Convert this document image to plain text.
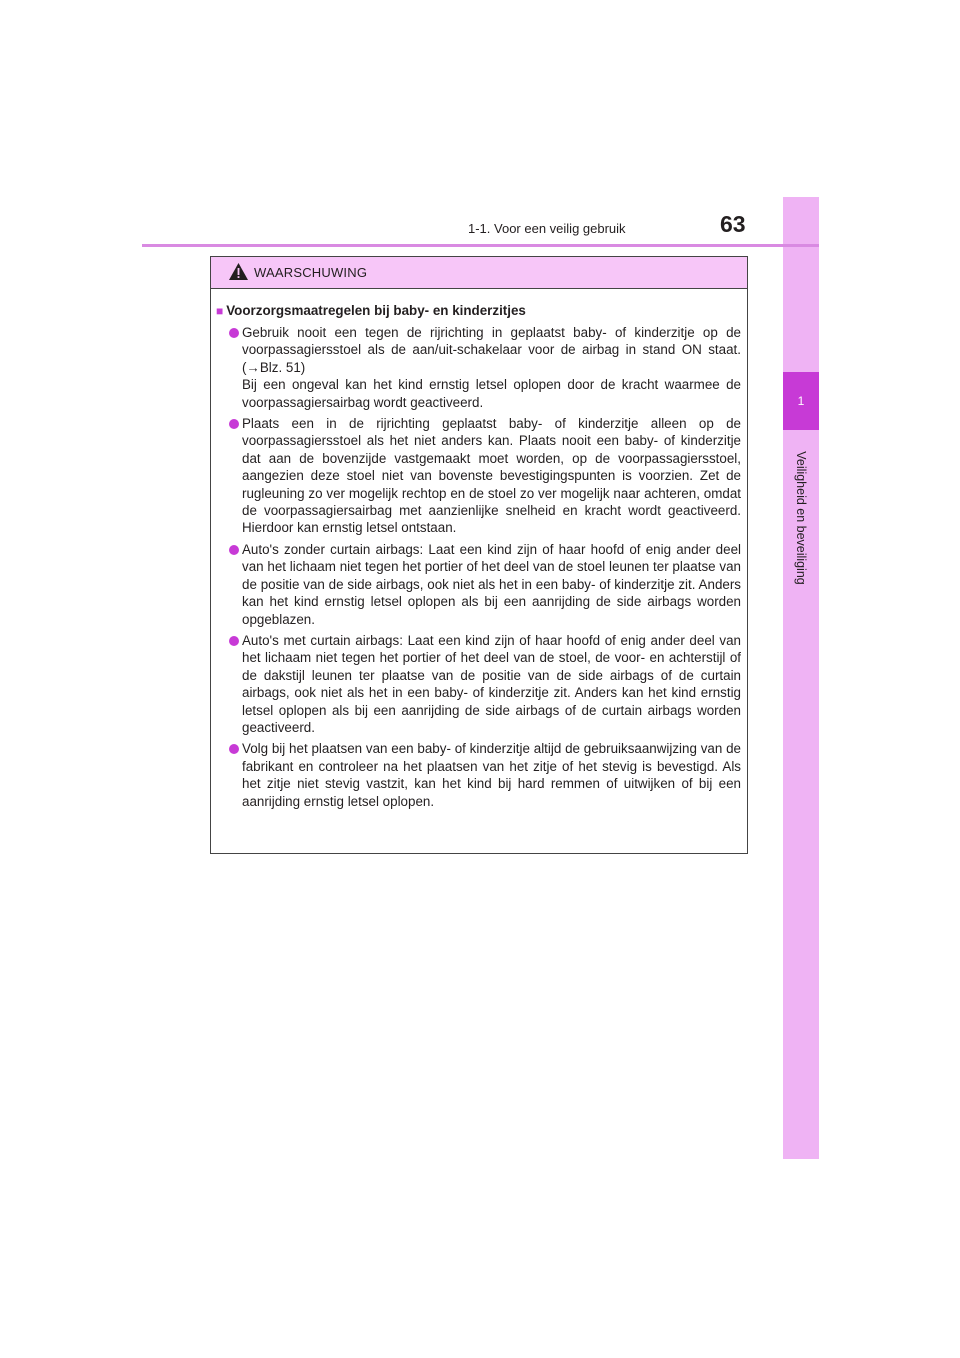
1
Veiligheid en beveiliging
1-1. Voor een veilig gebruik	63
WAARSCHUWING
■ Voorzorgsmaatregelen bij baby- en kinderzitjes

Gebruik nooit een tegen de rijrichting in geplaatst baby- of kinderzitje op de voorpassagiersstoel als de aan/uit-schakelaar voor de airbag in stand ON staat. (→Blz. 51)

Bij een ongeval kan het kind ernstig letsel oplopen door de kracht waarmee de voorpassagiersairbag wordt geactiveerd.

Plaats een in de rijrichting geplaatst baby- of kinderzitje alleen op de voorpassagiersstoel als het niet anders kan. Plaats nooit een baby- of kinderzitje dat aan de bovenzijde vastgemaakt moet worden, op de voorpassagiersstoel, aangezien deze stoel niet van bovenste bevestigingspunten is voorzien. Zet de rugleuning zo ver mogelijk rechtop en de stoel zo ver mogelijk naar achteren, omdat de voorpassagiersairbag met aanzienlijke snelheid en kracht wordt geactiveerd. Hierdoor kan ernstig letsel ontstaan.

Auto's zonder curtain airbags: Laat een kind zijn of haar hoofd of enig ander deel van het lichaam niet tegen het portier of het deel van de stoel leunen ter plaatse van de positie van de side airbags, ook niet als het in een baby- of kinderzitje zit. Anders kan het kind ernstig letsel oplopen als bij een aanrijding de side airbags worden opgeblazen.

Auto's met curtain airbags: Laat een kind zijn of haar hoofd of enig ander deel van het lichaam niet tegen het portier of het deel van de stoel, de voor- en achterstijl of de dakstijl leunen ter plaatse van de positie van de side airbags of de curtain airbags, ook niet als het in een baby- of kinderzitje zit. Anders kan het kind ernstig letsel oplopen als bij een aanrijding de side airbags of de curtain airbags worden geactiveerd.

Volg bij het plaatsen van een baby- of kinderzitje altijd de gebruiksaanwijzing van de fabrikant en controleer na het plaatsen van het zitje of het stevig is bevestigd. Als het zitje niet stevig vastzit, kan het kind bij hard remmen of uitwijken of bij een aanrijding ernstig letsel oplopen.
